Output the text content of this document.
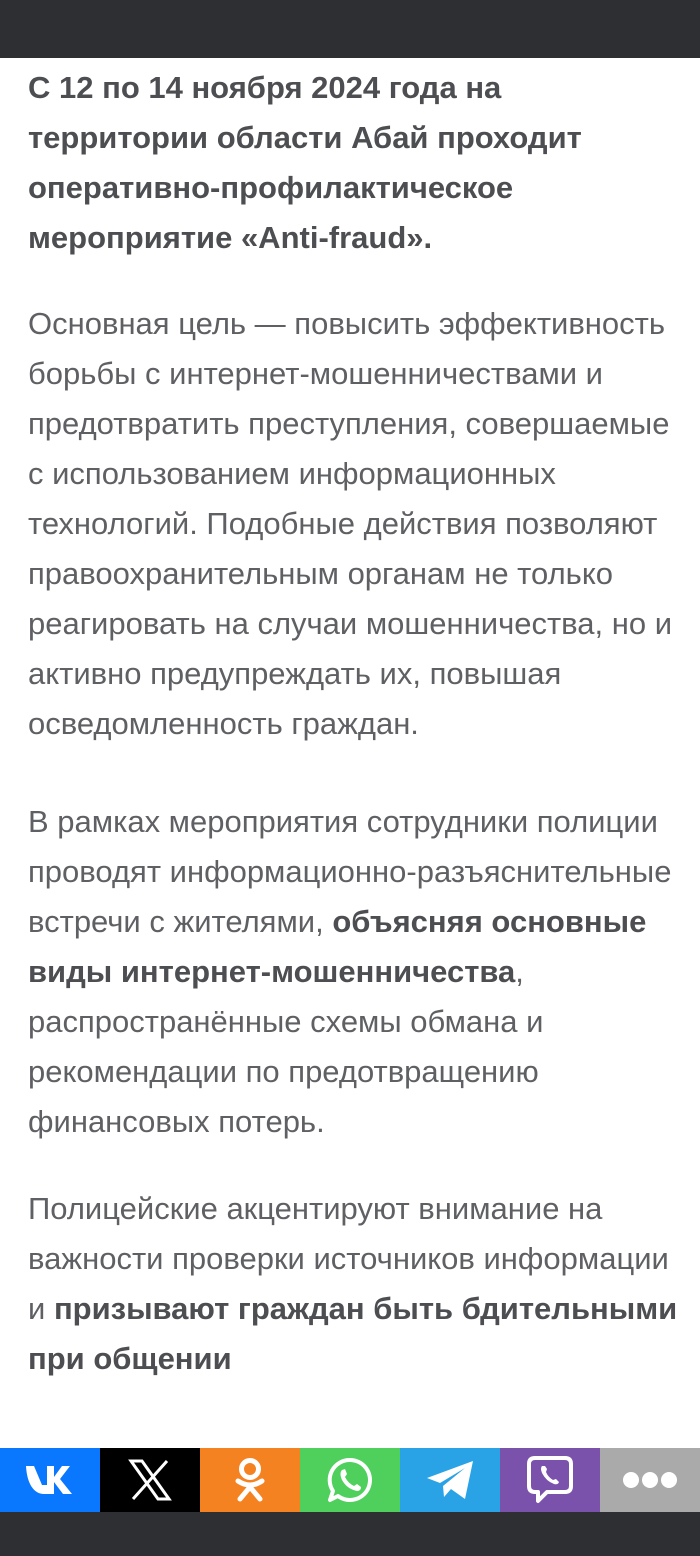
С 12 по 14 ноября 2024 года на территории области Абай проходит оперативно-профилактическое мероприятие «Anti-fraud».

Основная цель — повысить эффективность борьбы с интернет-мошенничествами и предотвратить преступления, совершаемые с использованием информационных технологий. Подобные действия позволяют правоохранительным органам не только реагировать на случаи мошенничества, но и активно предупреждать их, повышая осведомленность граждан.

В рамках мероприятия сотрудники полиции проводят информационно-разъяснительные встречи с жителями, объясняя основные виды интернет-мошенничества, распространённые схемы обмана и рекомендации по предотвращению финансовых потерь.

Полицейские акцентируют внимание на важности проверки источников информации и призывают граждан быть бдительными при общении
